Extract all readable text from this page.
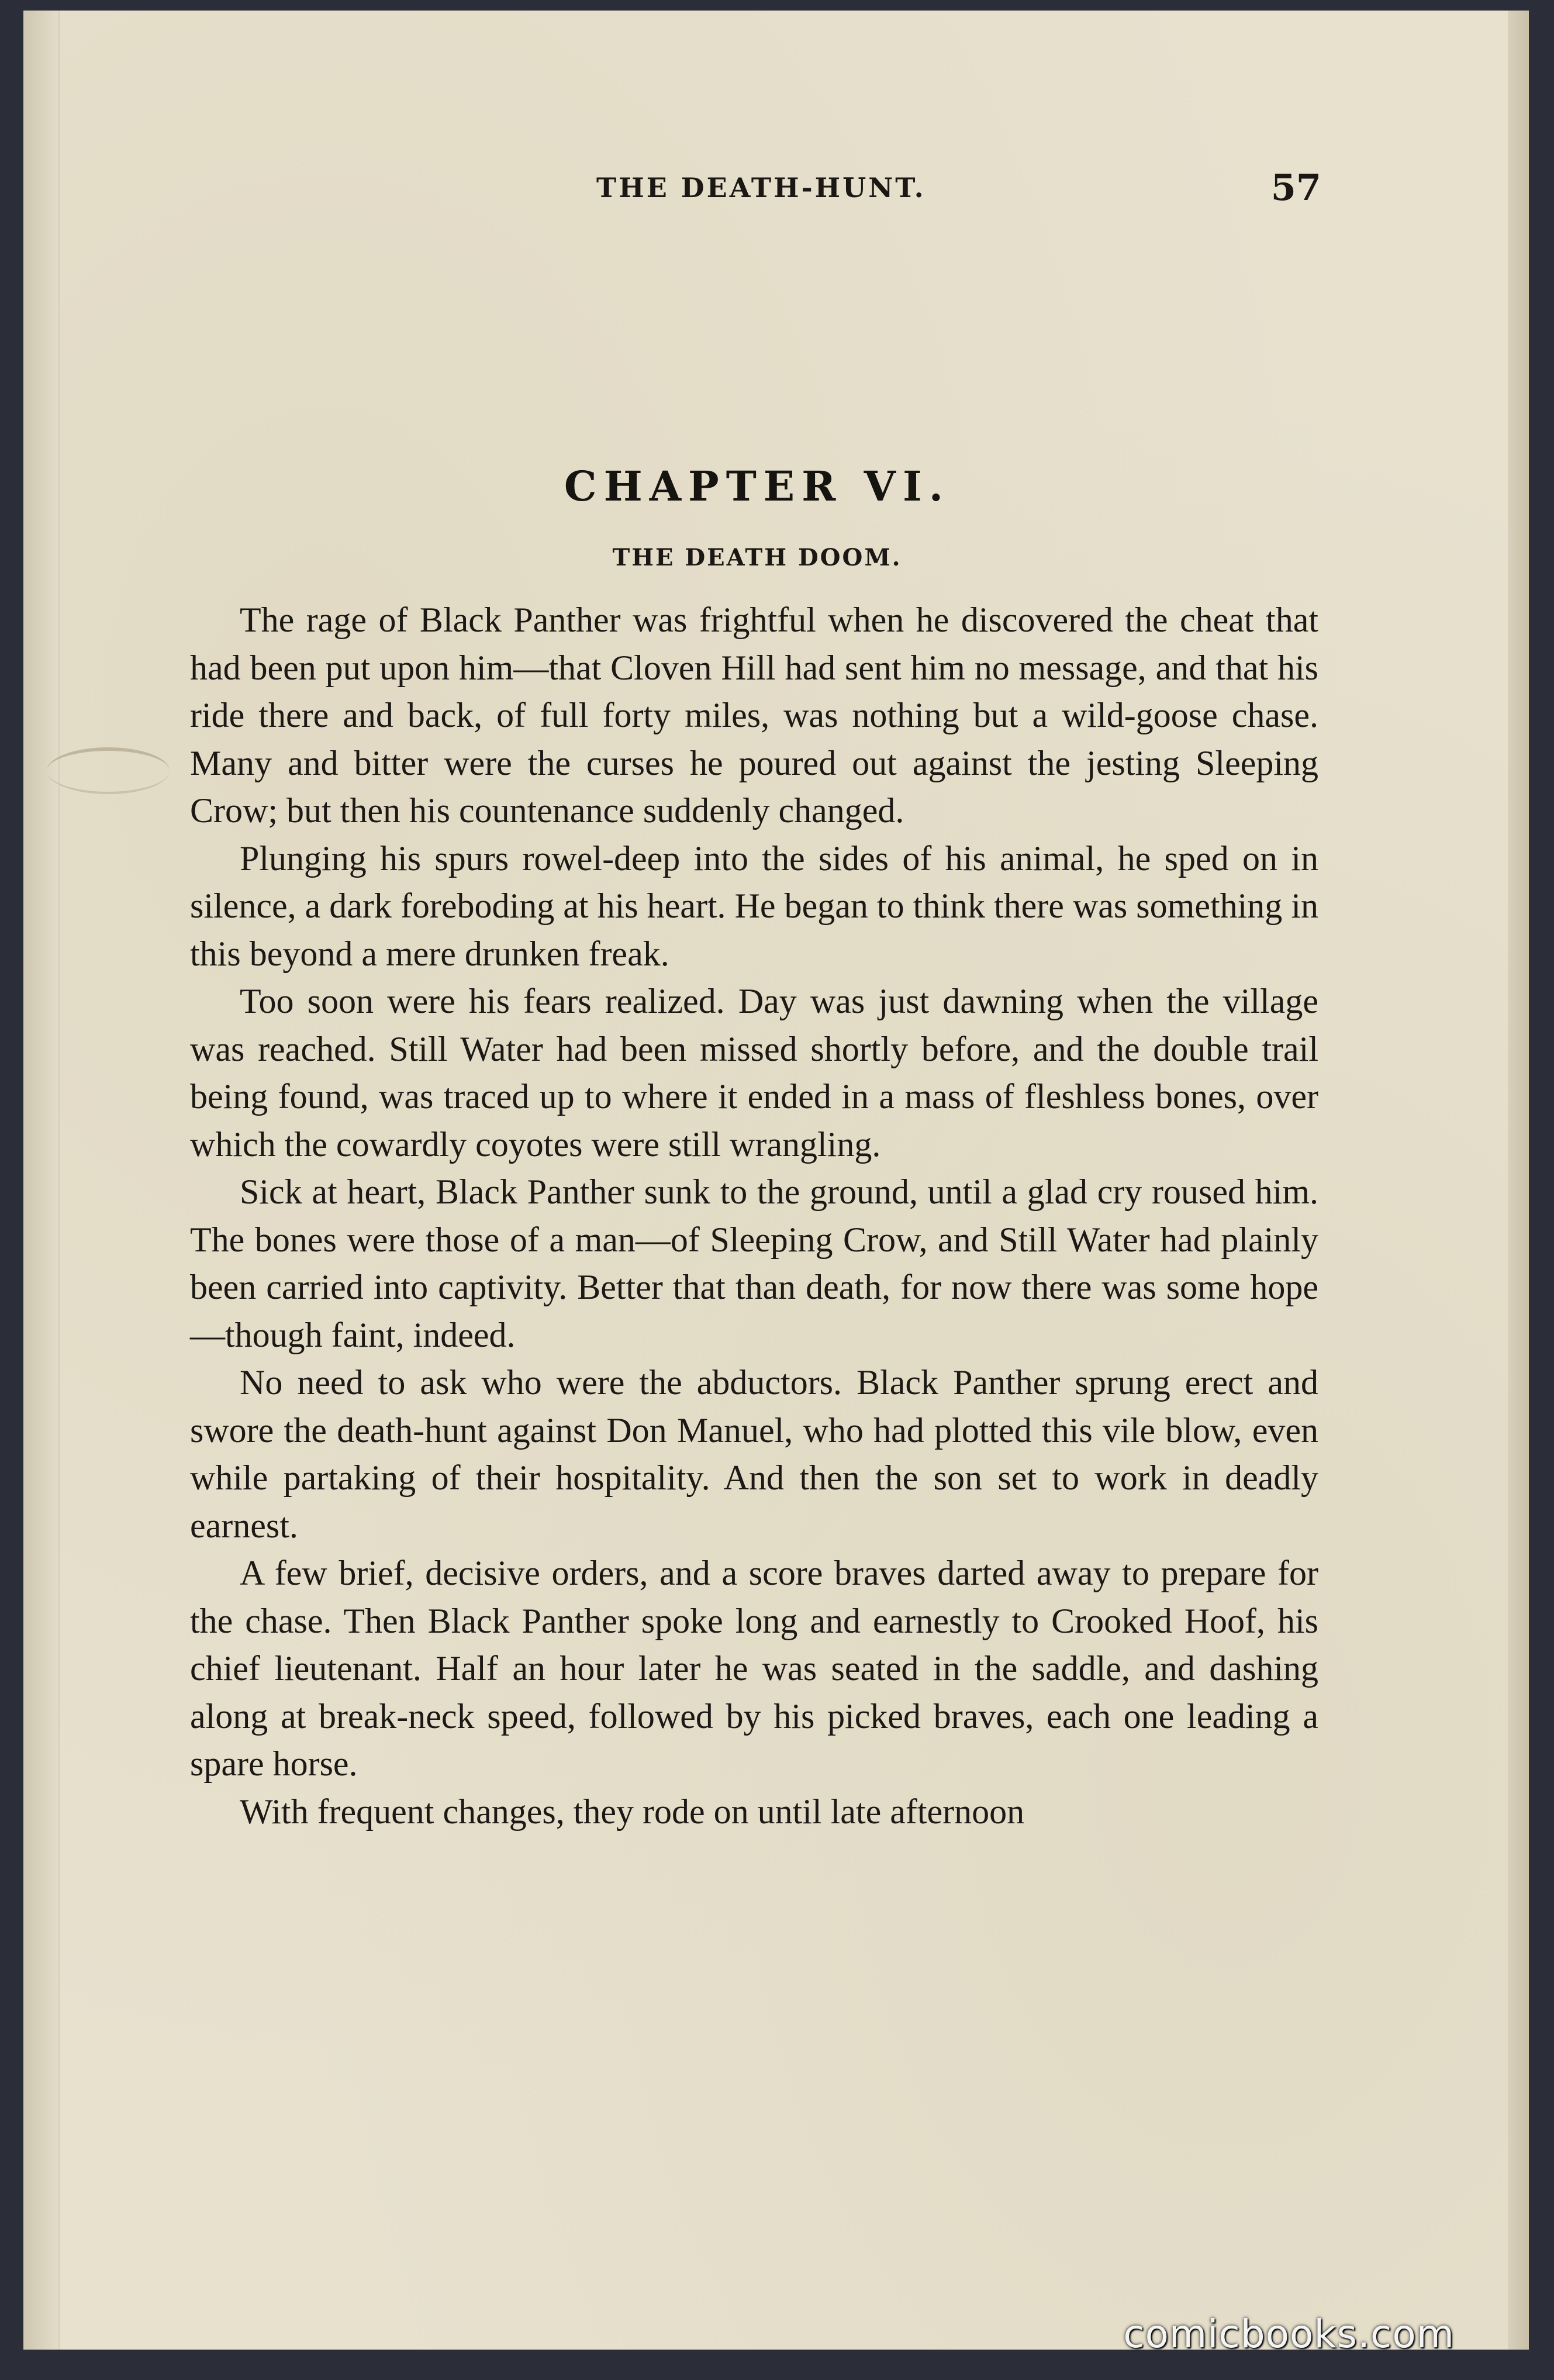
THE DEATH-HUNT.	57
CHAPTER VI.
THE DEATH DOOM.

The rage of Black Panther was frightful when he discovered the cheat that had been put upon him—that Cloven Hill had sent him no message, and that his ride there and back, of full forty miles, was nothing but a wild-goose chase. Many and bitter were the curses he poured out against the jesting Sleeping Crow; but then his countenance suddenly changed.

Plunging his spurs rowel-deep into the sides of his animal, he sped on in silence, a dark foreboding at his heart. He began to think there was something in this beyond a mere drunken freak.

Too soon were his fears realized. Day was just dawning when the village was reached. Still Water had been missed shortly before, and the double trail being found, was traced up to where it ended in a mass of fleshless bones, over which the cowardly coyotes were still wrangling.

Sick at heart, Black Panther sunk to the ground, until a glad cry roused him. The bones were those of a man—of Sleeping Crow, and Still Water had plainly been carried into captivity. Better that than death, for now there was some hope—though faint, indeed.

No need to ask who were the abductors. Black Panther sprung erect and swore the death-hunt against Don Manuel, who had plotted this vile blow, even while partaking of their hospitality. And then the son set to work in deadly earnest.

A few brief, decisive orders, and a score braves darted away to prepare for the chase. Then Black Panther spoke long and earnestly to Crooked Hoof, his chief lieutenant. Half an hour later he was seated in the saddle, and dashing along at break-neck speed, followed by his picked braves, each one leading a spare horse.

With frequent changes, they rode on until late afternoon

comicbooks.com
